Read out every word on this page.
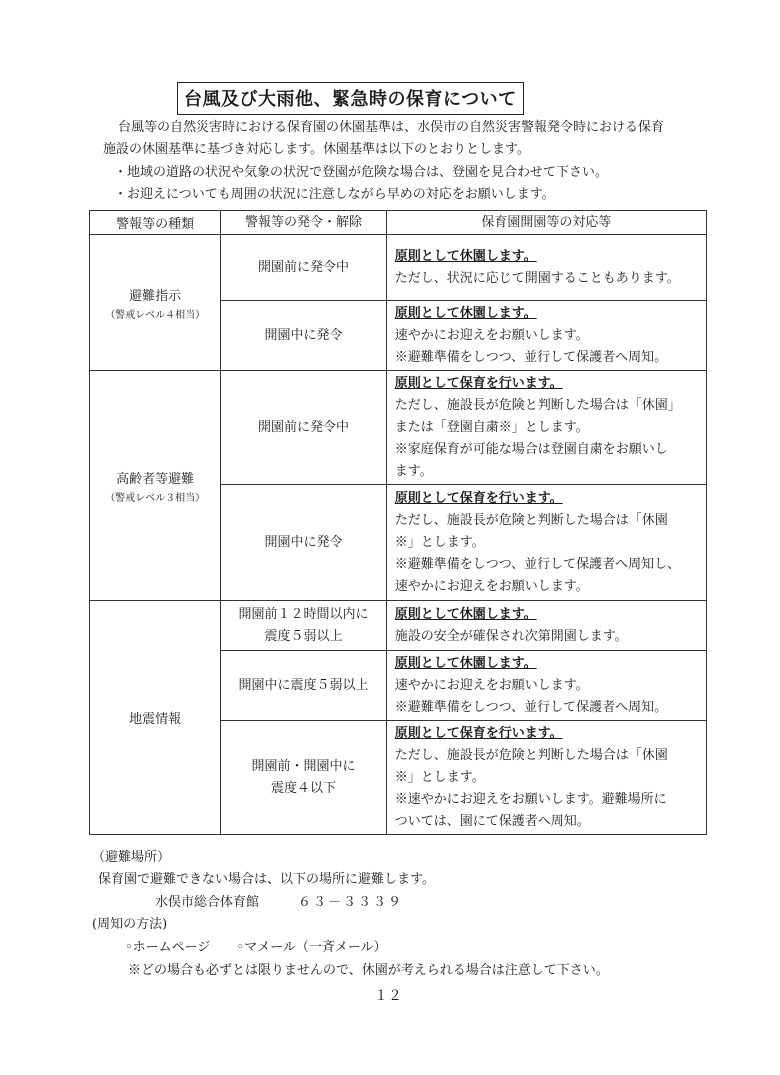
台風及び大雨他、緊急時の保育について
台風等の自然災害時における保育園の休園基準は、水俣市の自然災害警報発令時における保育
施設の休園基準に基づき対応します。休園基準は以下のとおりとします。
・地域の道路の状況や気象の状況で登園が危険な場合は、登園を見合わせて下さい。
・お迎えについても周囲の状況に注意しながら早めの対応をお願いします。
警報等の種類	警報等の発令・解除	保育園開園等の対応等

避難指示
（警戒レベル４相当）	開園前に発令中	原則として休園します。
ただし、状況に応じて開園することもあります。

	開園中に発令	原則として休園します。
速やかにお迎えをお願いします。
※避難準備をしつつ、並行して保護者へ周知。

高齢者等避難
（警戒レベル３相当）	開園前に発令中	原則として保育を行います。
ただし、施設長が危険と判断した場合は「休園」
または「登園自粛※」とします。
※家庭保育が可能な場合は登園自粛をお願いし
ます。

	開園中に発令	原則として保育を行います。
ただし、施設長が危険と判断した場合は「休園
※」とします。
※避難準備をしつつ、並行して保護者へ周知し、
速やかにお迎えをお願いします。

地震情報	開園前１２時間以内に
震度５弱以上	原則として休園します。
施設の安全が確保され次第開園します。

	開園中に震度５弱以上	原則として休園します。
速やかにお迎えをお願いします。
※避難準備をしつつ、並行して保護者へ周知。

	開園前・開園中に
震度４以下	原則として保育を行います。
ただし、施設長が危険と判断した場合は「休園
※」とします。
※速やかにお迎えをお願いします。避難場所に
ついては、園にて保護者へ周知。
（避難場所）
保育園で避難できない場合は、以下の場所に避難します。
水俣市総合体育館	６３－３３３９
(周知の方法)
◦ホームページ　　◦マメール（一斉メール）
※どの場合も必ずとは限りませんので、休園が考えられる場合は注意して下さい。
１２
